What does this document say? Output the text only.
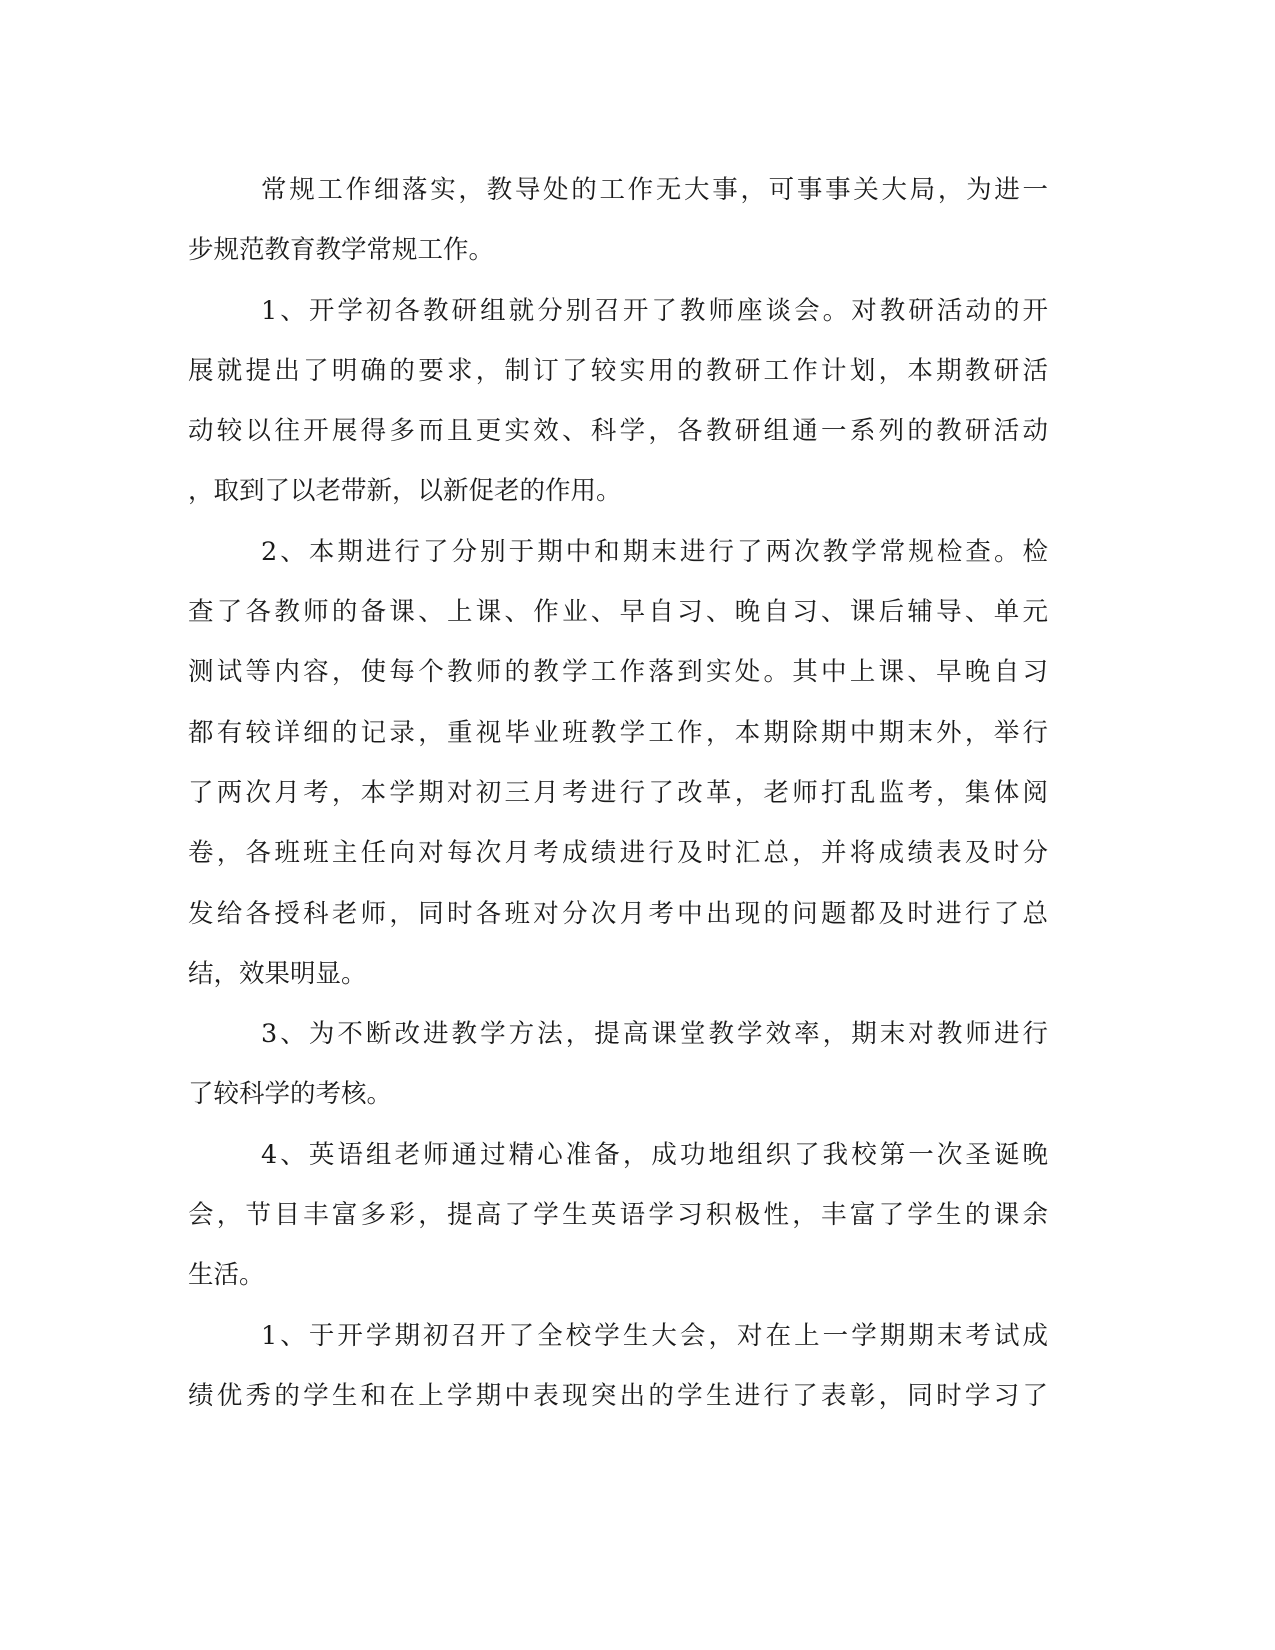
常规工作细落实，教导处的工作无大事，可事事关大局，为进一
步规范教育教学常规工作。
1、开学初各教研组就分别召开了教师座谈会。对教研活动的开
展就提出了明确的要求，制订了较实用的教研工作计划，本期教研活
动较以往开展得多而且更实效、科学，各教研组通一系列的教研活动
，取到了以老带新，以新促老的作用。
2、本期进行了分别于期中和期末进行了两次教学常规检查。检
查了各教师的备课、上课、作业、早自习、晚自习、课后辅导、单元
测试等内容，使每个教师的教学工作落到实处。其中上课、早晚自习
都有较详细的记录，重视毕业班教学工作，本期除期中期末外，举行
了两次月考，本学期对初三月考进行了改革，老师打乱监考，集体阅
卷，各班班主任向对每次月考成绩进行及时汇总，并将成绩表及时分
发给各授科老师，同时各班对分次月考中出现的问题都及时进行了总
结，效果明显。
3、为不断改进教学方法，提高课堂教学效率，期末对教师进行
了较科学的考核。
4、英语组老师通过精心准备，成功地组织了我校第一次圣诞晚
会，节目丰富多彩，提高了学生英语学习积极性，丰富了学生的课余
生活。
1、于开学期初召开了全校学生大会，对在上一学期期末考试成
绩优秀的学生和在上学期中表现突出的学生进行了表彰，同时学习了
